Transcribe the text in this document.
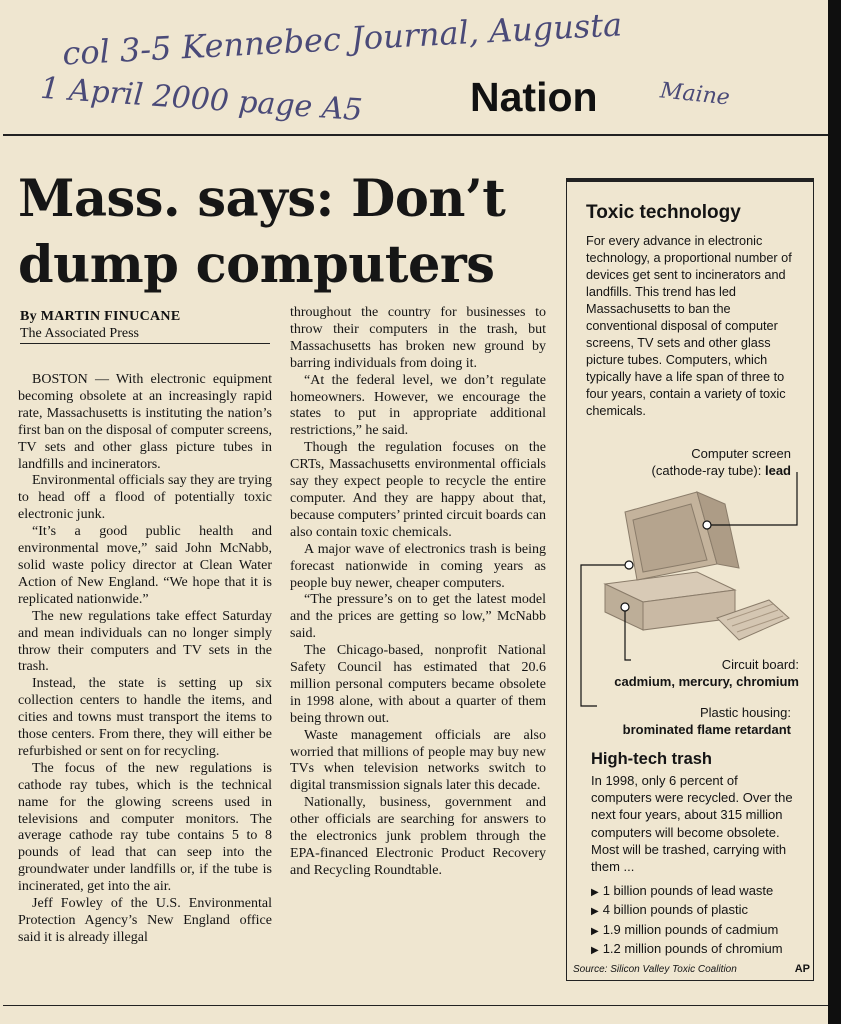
col 3-5 Kennebec Journal, Augusta
1 April 2000 page A5	Maine
Nation
Mass. says: Don’t dump computers
By MARTIN FINUCANE
The Associated Press

BOSTON — With electronic equipment becoming obsolete at an increasingly rapid rate, Massachusetts is instituting the nation’s first ban on the disposal of computer screens, TV sets and other glass picture tubes in landfills and incinerators.

Environmental officials say they are trying to head off a flood of potentially toxic electronic junk.

“It’s a good public health and environmental move,” said John McNabb, solid waste policy director at Clean Water Action of New England. “We hope that it is replicated nationwide.”

The new regulations take effect Saturday and mean individuals can no longer simply throw their computers and TV sets in the trash.

Instead, the state is setting up six collection centers to handle the items, and cities and towns must transport the items to those centers. From there, they will either be refurbished or sent on for recycling.

The focus of the new regulations is cathode ray tubes, which is the technical name for the glowing screens used in televisions and computer monitors. The average cathode ray tube contains 5 to 8 pounds of lead that can seep into the groundwater under landfills or, if the tube is incinerated, get into the air.

Jeff Fowley of the U.S. Environmental Protection Agency’s New England office said it is already illegal

throughout the country for businesses to throw their computers in the trash, but Massachusetts has broken new ground by barring individuals from doing it.

“At the federal level, we don’t regulate homeowners. However, we encourage the states to put in appropriate additional restrictions,” he said.

Though the regulation focuses on the CRTs, Massachusetts environmental officials say they expect people to recycle the entire computer. And they are happy about that, because computers’ printed circuit boards can also contain toxic chemicals.

A major wave of electronics trash is being forecast nationwide in coming years as people buy newer, cheaper computers.

“The pressure’s on to get the latest model and the prices are getting so low,” McNabb said.

The Chicago-based, nonprofit National Safety Council has estimated that 20.6 million personal computers became obsolete in 1998 alone, with about a quarter of them being thrown out.

Waste management officials are also worried that millions of people may buy new TVs when television networks switch to digital transmission signals later this decade.

Nationally, business, government and other officials are searching for answers to the electronics junk problem through the EPA-financed Electronic Product Recovery and Recycling Roundtable.

Toxic technology
For every advance in electronic technology, a proportional number of devices get sent to incinerators and landfills. This trend has led Massachusetts to ban the conventional disposal of computer screens, TV sets and other glass picture tubes. Computers, which typically have a life span of three to four years, contain a variety of toxic chemicals.
Computer screen
(cathode-ray tube): lead
Circuit board:
cadmium, mercury, chromium
Plastic housing:
brominated flame retardant
High-tech trash
In 1998, only 6 percent of computers were recycled. Over the next four years, about 315 million computers will become obsolete. Most will be trashed, carrying with them ...
▶ 1 billion pounds of lead waste
▶ 4 billion pounds of plastic
▶ 1.9 million pounds of cadmium
▶ 1.2 million pounds of chromium
Source: Silicon Valley Toxic Coalition	AP
